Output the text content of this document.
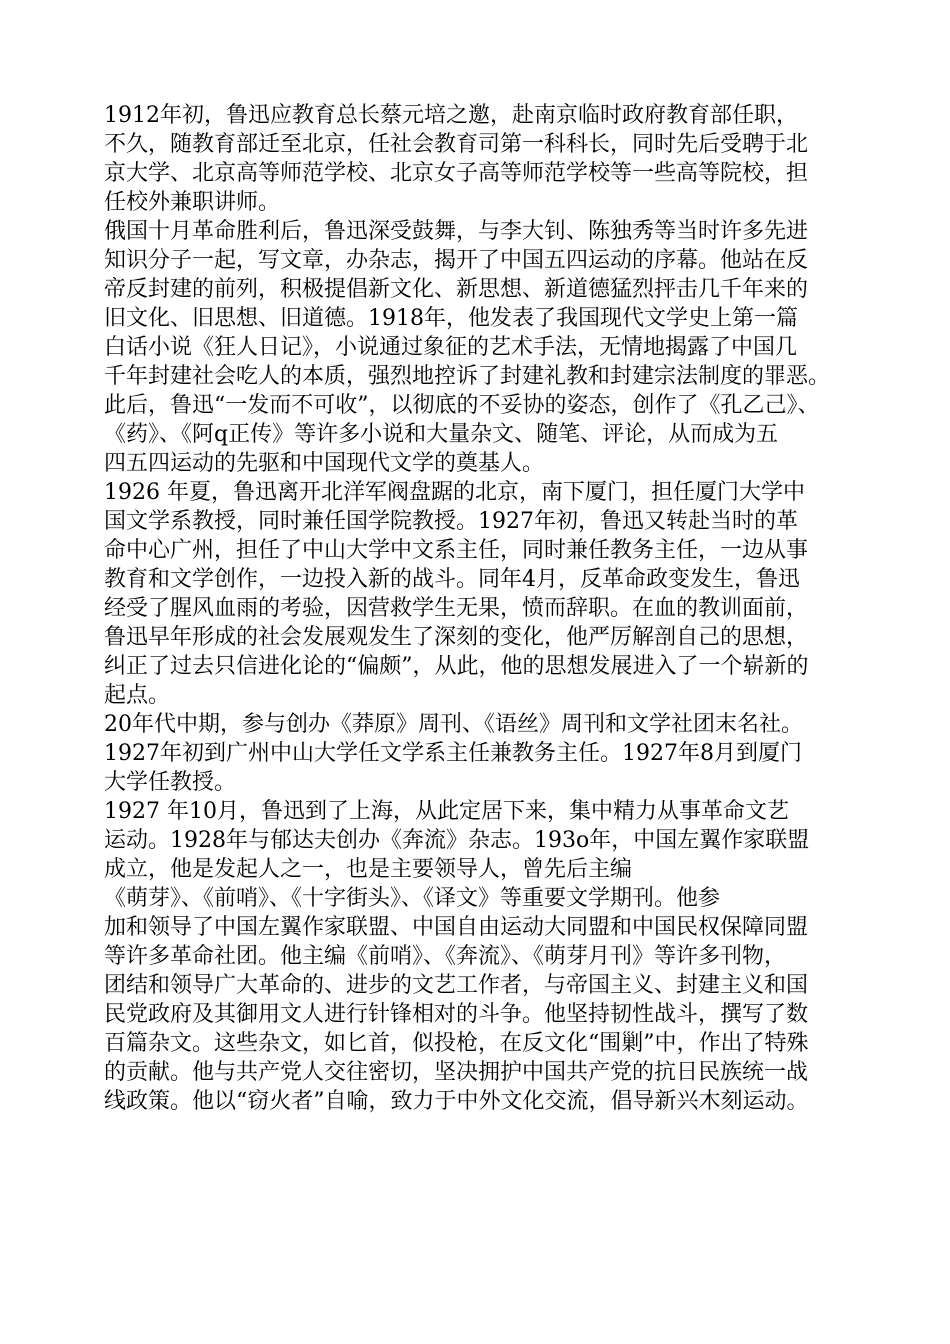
1912年初，鲁迅应教育总长蔡元培之邀，赴南京临时政府教育部任职，
不久，随教育部迁至北京，任社会教育司第一科科长，同时先后受聘于北
京大学、北京高等师范学校、北京女子高等师范学校等一些高等院校，担
任校外兼职讲师。
俄国十月革命胜利后，鲁迅深受鼓舞，与李大钊、陈独秀等当时许多先进
知识分子一起，写文章，办杂志，揭开了中国五四运动的序幕。他站在反
帝反封建的前列，积极提倡新文化、新思想、新道德猛烈抨击几千年来的
旧文化、旧思想、旧道德。1918年，他发表了我国现代文学史上第一篇
白话小说《狂人日记》，小说通过象征的艺术手法，无情地揭露了中国几
千年封建社会吃人的本质，强烈地控诉了封建礼教和封建宗法制度的罪恶。
此后，鲁迅“一发而不可收”，以彻底的不妥协的姿态，创作了《孔乙己》、
《药》、《阿q正传》等许多小说和大量杂文、随笔、评论，从而成为五
四五四运动的先驱和中国现代文学的奠基人。
1926 年夏，鲁迅离开北洋军阀盘踞的北京，南下厦门，担任厦门大学中
国文学系教授，同时兼任国学院教授。1927年初，鲁迅又转赴当时的革
命中心广州，担任了中山大学中文系主任，同时兼任教务主任，一边从事
教育和文学创作，一边投入新的战斗。同年4月，反革命政变发生，鲁迅
经受了腥风血雨的考验，因营救学生无果，愤而辞职。在血的教训面前，
鲁迅早年形成的社会发展观发生了深刻的变化，他严厉解剖自己的思想，
纠正了过去只信进化论的“偏颇”，从此，他的思想发展进入了一个崭新的
起点。
20年代中期，参与创办《莽原》周刊、《语丝》周刊和文学社团末名社。
1927年初到广州中山大学任文学系主任兼教务主任。1927年8月到厦门
大学任教授。
1927 年10月，鲁迅到了上海，从此定居下来，集中精力从事革命文艺
运动。1928年与郁达夫创办《奔流》杂志。193o年，中国左翼作家联盟
成立，他是发起人之一，也是主要领导人，曾先后主编
《萌芽》、《前哨》、《十字街头》、《译文》等重要文学期刊。他参
加和领导了中国左翼作家联盟、中国自由运动大同盟和中国民权保障同盟
等许多革命社团。他主编《前哨》、《奔流》、《萌芽月刊》等许多刊物，
团结和领导广大革命的、进步的文艺工作者，与帝国主义、封建主义和国
民党政府及其御用文人进行针锋相对的斗争。他坚持韧性战斗，撰写了数
百篇杂文。这些杂文，如匕首，似投枪，在反文化“围剿”中，作出了特殊
的贡献。他与共产党人交往密切，坚决拥护中国共产党的抗日民族统一战
线政策。他以“窃火者”自喻，致力于中外文化交流，倡导新兴木刻运动。
